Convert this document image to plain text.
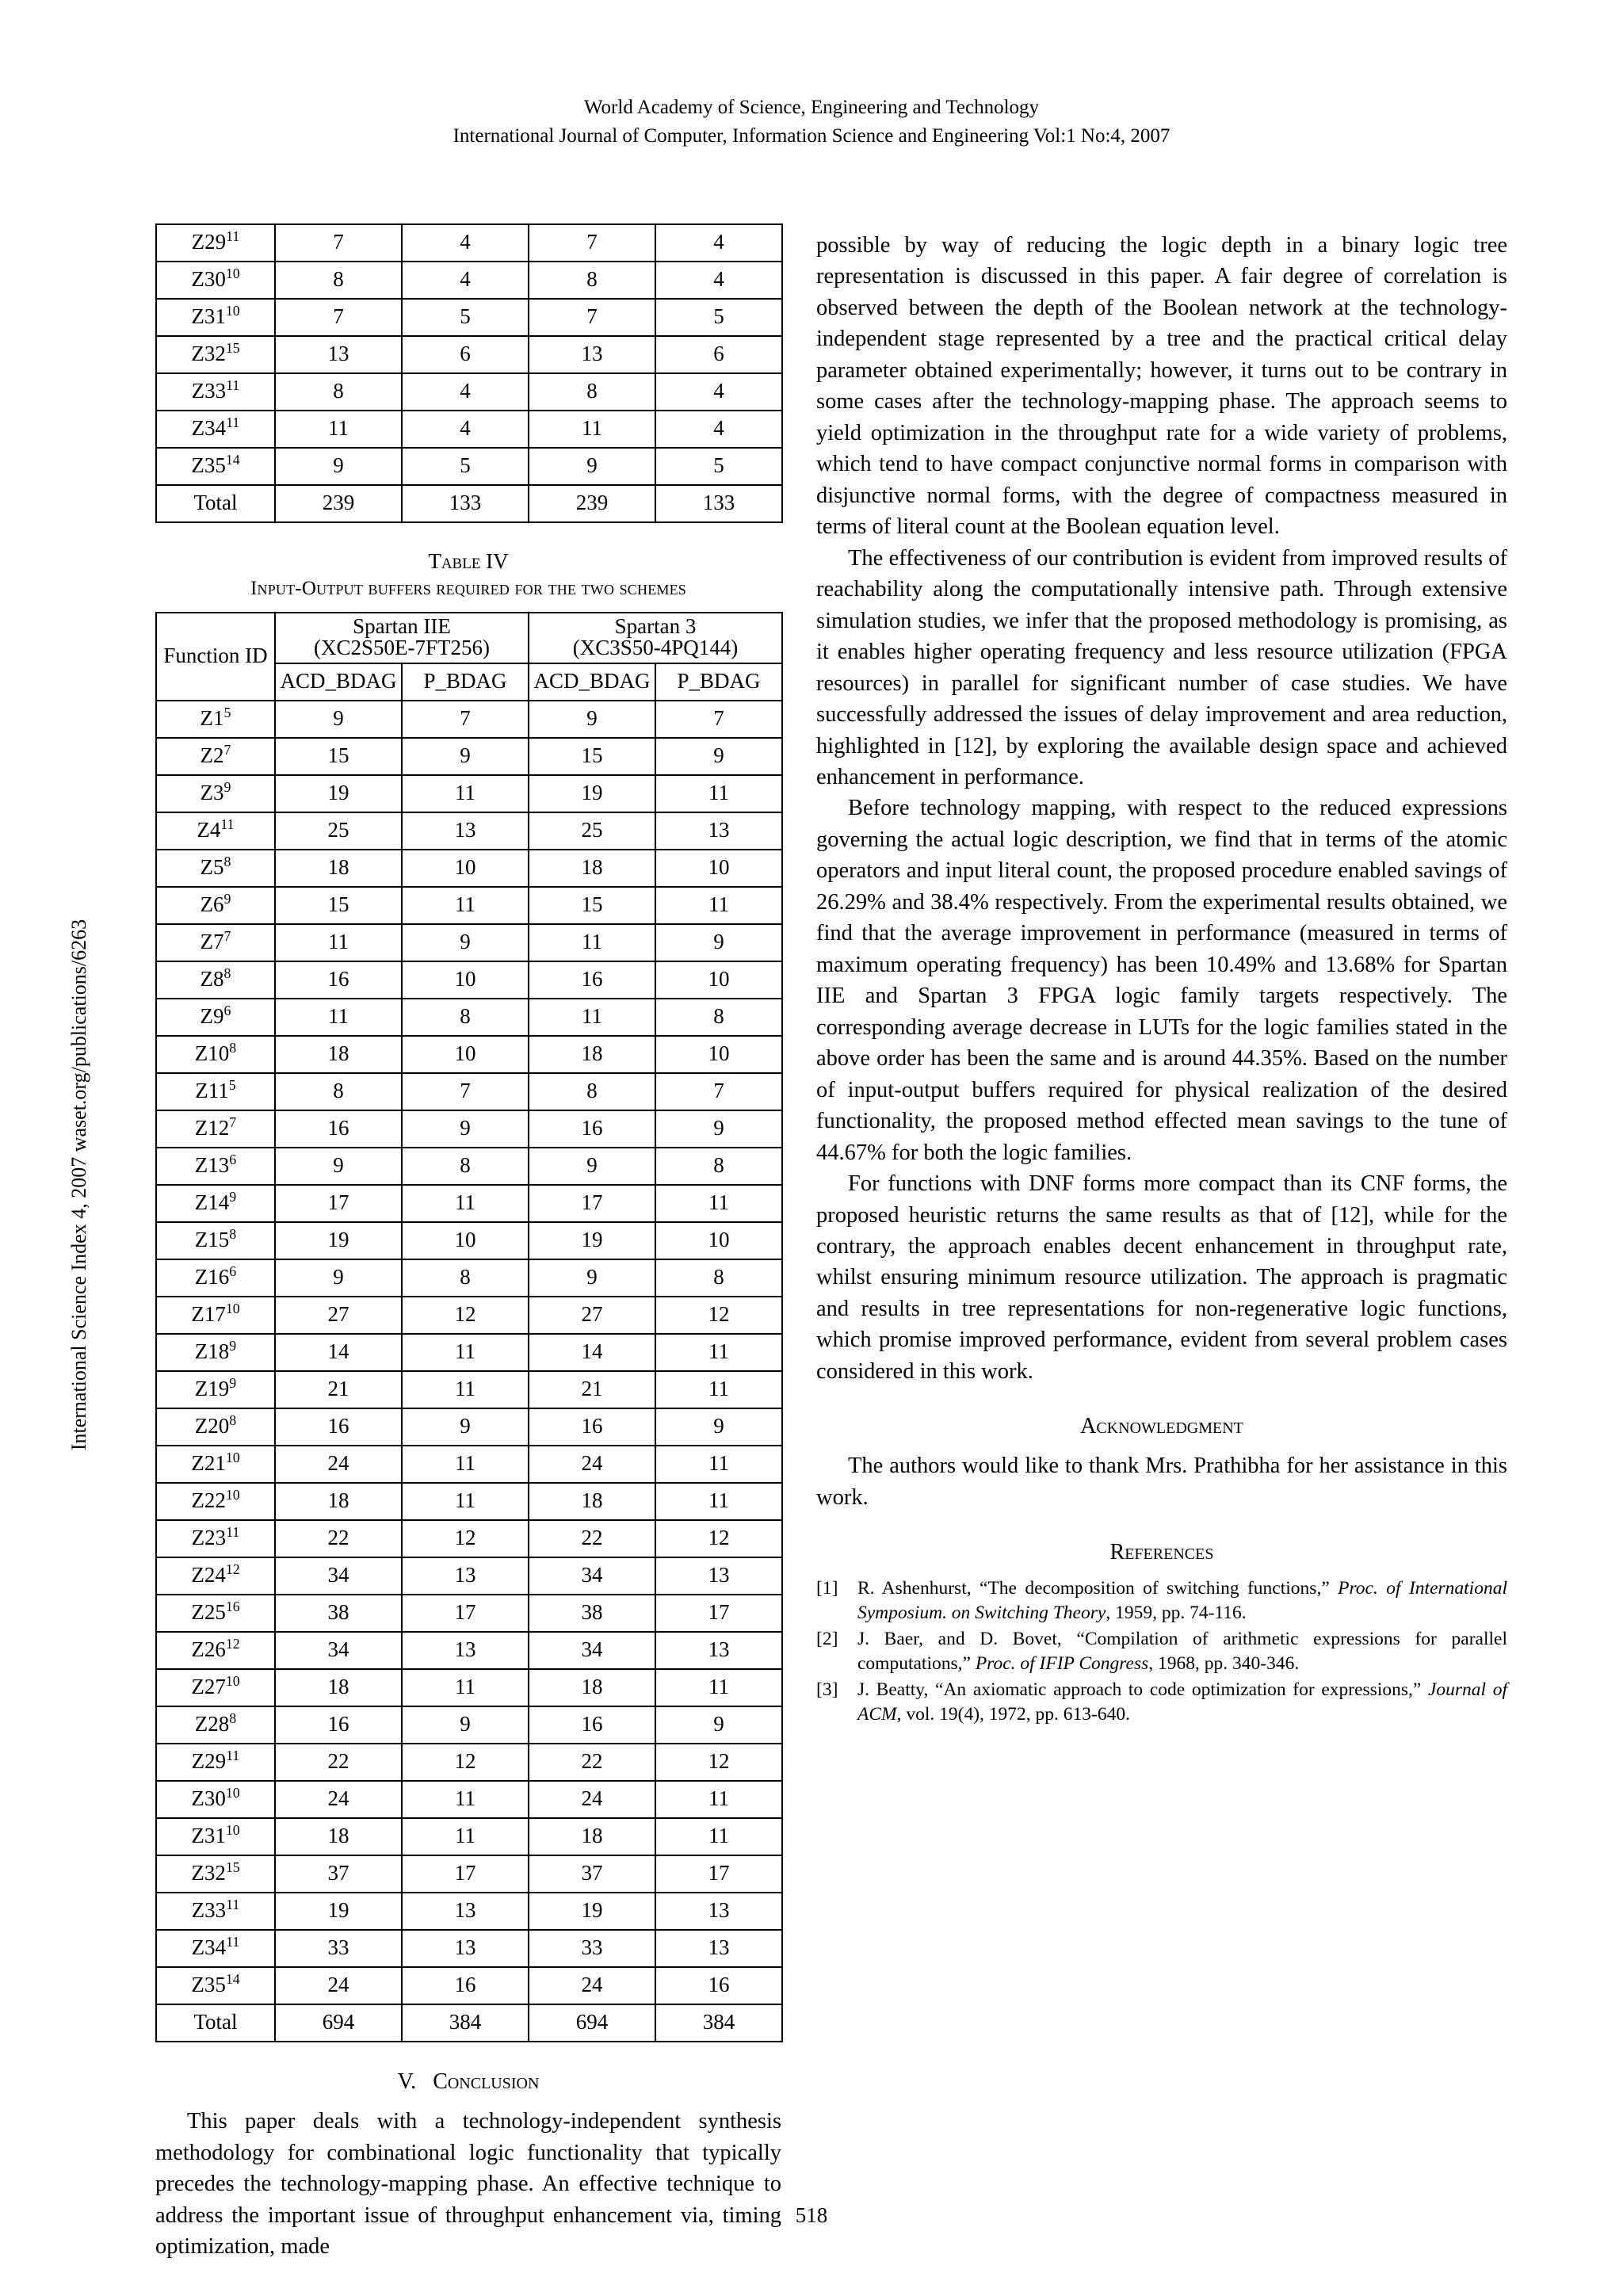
World Academy of Science, Engineering and Technology
International Journal of Computer, Information Science and Engineering Vol:1 No:4, 2007
International Science Index 4, 2007 waset.org/publications/6263
$Z29^{11}$	7	4	7	4
$Z30^{10}$	8	4	8	4
$Z31^{10}$	7	5	7	5
$Z32^{15}$	13	6	13	6
$Z33^{11}$	8	4	8	4
$Z34^{11}$	11	4	11	4
$Z35^{14}$	9	5	9	5
Total	239	133	239	133
Table IV
Input-Output buffers required for the two schemes
Function ID	
Spartan IIE
(XC2S50E-7FT256)

Spartan 3
(XC3S50-4PQ144)

	ACD_BDAG	P_BDAG	ACD_BDAG	P_BDAG
$Z1^5$	9	7	9	7
$Z2^7$	15	9	15	9
$Z3^9$	19	11	19	11
$Z4^{11}$	25	13	25	13
$Z5^8$	18	10	18	10
$Z6^9$	15	11	15	11
$Z7^7$	11	9	11	9
$Z8^8$	16	10	16	10
$Z9^6$	11	8	11	8
$Z10^8$	18	10	18	10
$Z11^5$	8	7	8	7
$Z12^7$	16	9	16	9
$Z13^6$	9	8	9	8
$Z14^9$	17	11	17	11
$Z15^8$	19	10	19	10
$Z16^6$	9	8	9	8
$Z17^{10}$	27	12	27	12
$Z18^9$	14	11	14	11
$Z19^9$	21	11	21	11
$Z20^8$	16	9	16	9
$Z21^{10}$	24	11	24	11
$Z22^{10}$	18	11	18	11
$Z23^{11}$	22	12	22	12
$Z24^{12}$	34	13	34	13
$Z25^{16}$	38	17	38	17
$Z26^{12}$	34	13	34	13
$Z27^{10}$	18	11	18	11
$Z28^8$	16	9	16	9
$Z29^{11}$	22	12	22	12
$Z30^{10}$	24	11	24	11
$Z31^{10}$	18	11	18	11
$Z32^{15}$	37	17	37	17
$Z33^{11}$	19	13	19	13
$Z34^{11}$	33	13	33	13
$Z35^{14}$	24	16	24	16
Total	694	384	694	384
V. Conclusion

This paper deals with a technology-independent synthesis methodology for combinational logic functionality that typically precedes the technology-mapping phase. An effective technique to address the important issue of throughput enhancement via, timing optimization, made

possible by way of reducing the logic depth in a binary logic tree representation is discussed in this paper. A fair degree of correlation is observed between the depth of the Boolean network at the technology-independent stage represented by a tree and the practical critical delay parameter obtained experimentally; however, it turns out to be contrary in some cases after the technology-mapping phase. The approach seems to yield optimization in the throughput rate for a wide variety of problems, which tend to have compact conjunctive normal forms in comparison with disjunctive normal forms, with the degree of compactness measured in terms of literal count at the Boolean equation level.

The effectiveness of our contribution is evident from improved results of reachability along the computationally intensive path. Through extensive simulation studies, we infer that the proposed methodology is promising, as it enables higher operating frequency and less resource utilization (FPGA resources) in parallel for significant number of case studies. We have successfully addressed the issues of delay improvement and area reduction, highlighted in [12], by exploring the available design space and achieved enhancement in performance.

Before technology mapping, with respect to the reduced expressions governing the actual logic description, we find that in terms of the atomic operators and input literal count, the proposed procedure enabled savings of 26.29% and 38.4% respectively. From the experimental results obtained, we find that the average improvement in performance (measured in terms of maximum operating frequency) has been 10.49% and 13.68% for Spartan IIE and Spartan 3 FPGA logic family targets respectively. The corresponding average decrease in LUTs for the logic families stated in the above order has been the same and is around 44.35%. Based on the number of input-output buffers required for physical realization of the desired functionality, the proposed method effected mean savings to the tune of 44.67% for both the logic families.

For functions with DNF forms more compact than its CNF forms, the proposed heuristic returns the same results as that of [12], while for the contrary, the approach enables decent enhancement in throughput rate, whilst ensuring minimum resource utilization. The approach is pragmatic and results in tree representations for non-regenerative logic functions, which promise improved performance, evident from several problem cases considered in this work.

Acknowledgment

The authors would like to thank Mrs. Prathibha for her assistance in this work.

References
[1]	R. Ashenhurst, “The decomposition of switching functions,” Proc. of International Symposium. on Switching Theory, 1959, pp. 74-116.
[2]	J. Baer, and D. Bovet, “Compilation of arithmetic expressions for parallel computations,” Proc. of IFIP Congress, 1968, pp. 340-346.
[3]	J. Beatty, “An axiomatic approach to code optimization for expressions,” Journal of ACM, vol. 19(4), 1972, pp. 613-640.
518
